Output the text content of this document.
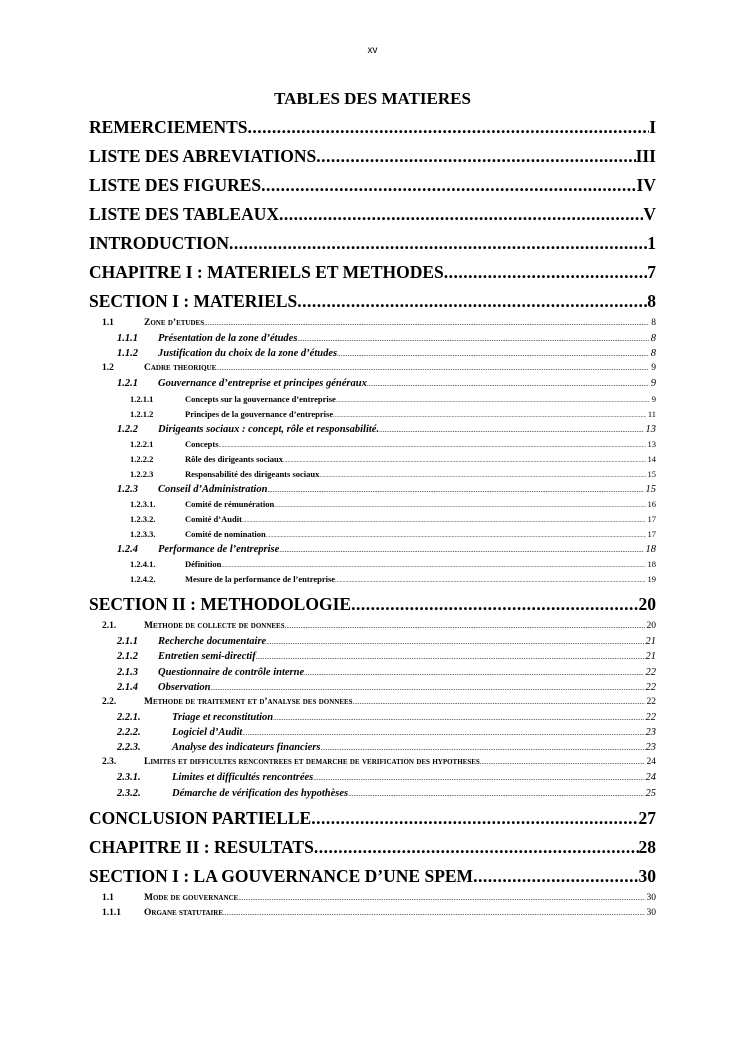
xv
TABLES DES MATIERES
REMERCIEMENTS .....	I
LISTE DES ABREVIATIONS .....	III
LISTE DES FIGURES .....	IV
LISTE DES TABLEAUX .....	V
INTRODUCTION .....	1
CHAPITRE I : MATERIELS ET METHODES .....	7
SECTION I : MATERIELS .....	8
1.1	Zone d’etudes .....	8
1.1.1	Présentation de la zone d’études .....	8
1.1.2	Justification du choix de la zone d’études .....	8
1.2	Cadre theorique .....	9
1.2.1	Gouvernance d’entreprise et principes généraux .....	9
1.2.1.1	Concepts sur la gouvernance d’entreprise .....	9
1.2.1.2	Principes de la gouvernance d’entreprise .....	11
1.2.2	Dirigeants sociaux : concept, rôle et responsabilité. .....	13
1.2.2.1	Concepts .....	13
1.2.2.2	Rôle des dirigeants sociaux .....	14
1.2.2.3	Responsabilité des dirigeants sociaux .....	15
1.2.3	Conseil d’Administration .....	15
1.2.3.1.	Comité de rémunération .....	16
1.2.3.2.	Comité d’Audit .....	17
1.2.3.3.	Comité de nomination .....	17
1.2.4	Performance de l’entreprise .....	18
1.2.4.1.	Définition .....	18
1.2.4.2.	Mesure de la performance de l’entreprise .....	19
SECTION II : METHODOLOGIE .....	20
2.1.	Methode de collecte de donnees .....	20
2.1.1	Recherche documentaire .....	21
2.1.2	Entretien semi-directif .....	21
2.1.3	Questionnaire de contrôle interne .....	22
2.1.4	Observation .....	22
2.2.	Methode de traitement et d’analyse des donnees .....	22
2.2.1.	Triage et reconstitution .....	22
2.2.2.	Logiciel d’Audit .....	23
2.2.3.	Analyse des indicateurs financiers .....	23
2.3.	Limites et difficultes rencontrees et demarche de verification des hypotheses .....	24
2.3.1.	Limites et difficultés rencontrées .....	24
2.3.2.	Démarche de vérification des hypothèses .....	25
CONCLUSION PARTIELLE .....	27
CHAPITRE II : RESULTATS .....	28
SECTION I : LA GOUVERNANCE D’UNE SPEM .....	30
1.1	Mode de gouvernance .....	30
1.1.1	Organe statutaire .....	30
